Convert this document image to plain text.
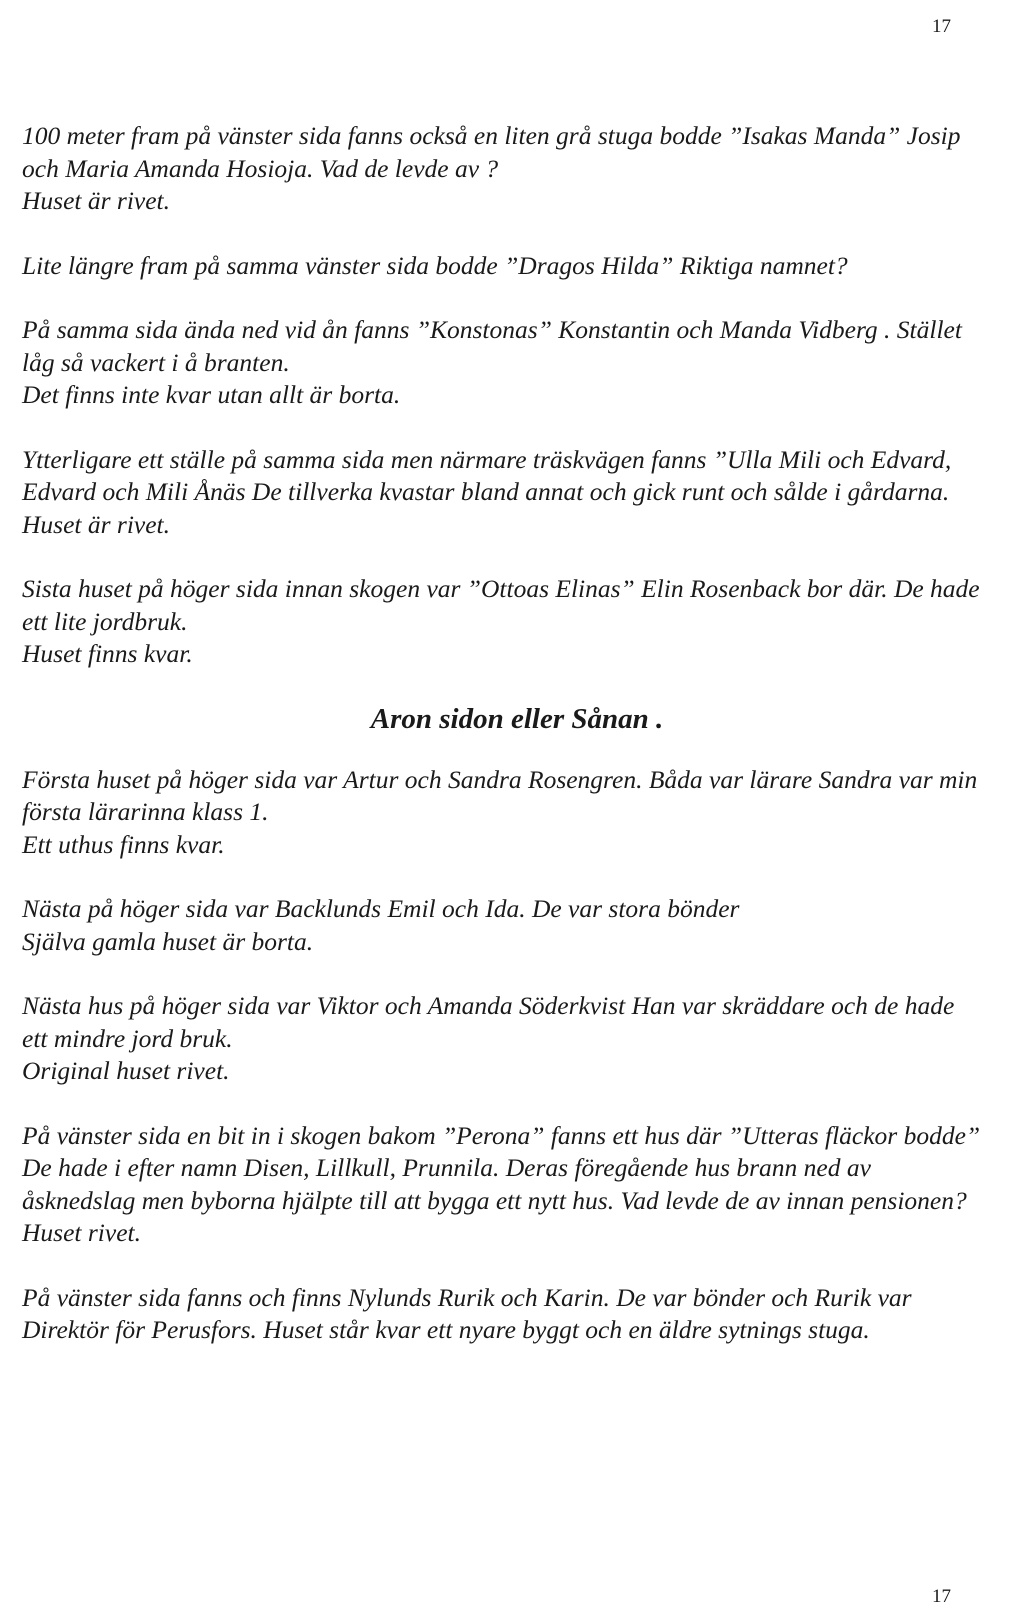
17

100 meter fram på vänster sida fanns också en liten grå stuga bodde ”Isakas Manda” Josip och Maria Amanda Hosioja. Vad de levde av ?
Huset är rivet.

Lite längre fram på samma vänster sida bodde ”Dragos Hilda” Riktiga namnet?

På samma sida ända ned vid ån fanns ”Konstonas” Konstantin och Manda Vidberg . Stället låg så vackert i å branten.
Det finns inte kvar utan allt är borta.

Ytterligare ett ställe på samma sida men närmare träskvägen fanns ”Ulla Mili och Edvard, Edvard och Mili Ånäs De tillverka kvastar bland annat och gick runt och sålde i gårdarna.
Huset är rivet.

Sista huset på höger sida innan skogen var ”Ottoas Elinas” Elin Rosenback bor där. De hade ett lite jordbruk.
Huset finns kvar.

Aron sidon eller Sånan .

Första huset på höger sida var Artur och Sandra Rosengren. Båda var lärare Sandra var min första lärarinna klass 1.
Ett uthus finns kvar.

Nästa på höger sida var Backlunds Emil och Ida. De var stora bönder
Själva gamla huset är borta.

Nästa hus på höger sida var Viktor och Amanda Söderkvist Han var skräddare och de hade ett mindre jord bruk.
Original huset rivet.

På vänster sida en bit in i skogen bakom ”Perona” fanns ett hus där ”Utteras fläckor bodde” De hade i efter namn Disen, Lillkull, Prunnila. Deras föregående hus brann ned av åsknedslag men byborna hjälpte till att bygga ett nytt hus. Vad levde de av innan pensionen?
Huset rivet.

På vänster sida fanns och finns Nylunds Rurik och Karin. De var bönder och Rurik var Direktör för Perusfors. Huset står kvar ett nyare byggt och en äldre sytnings stuga.

17
